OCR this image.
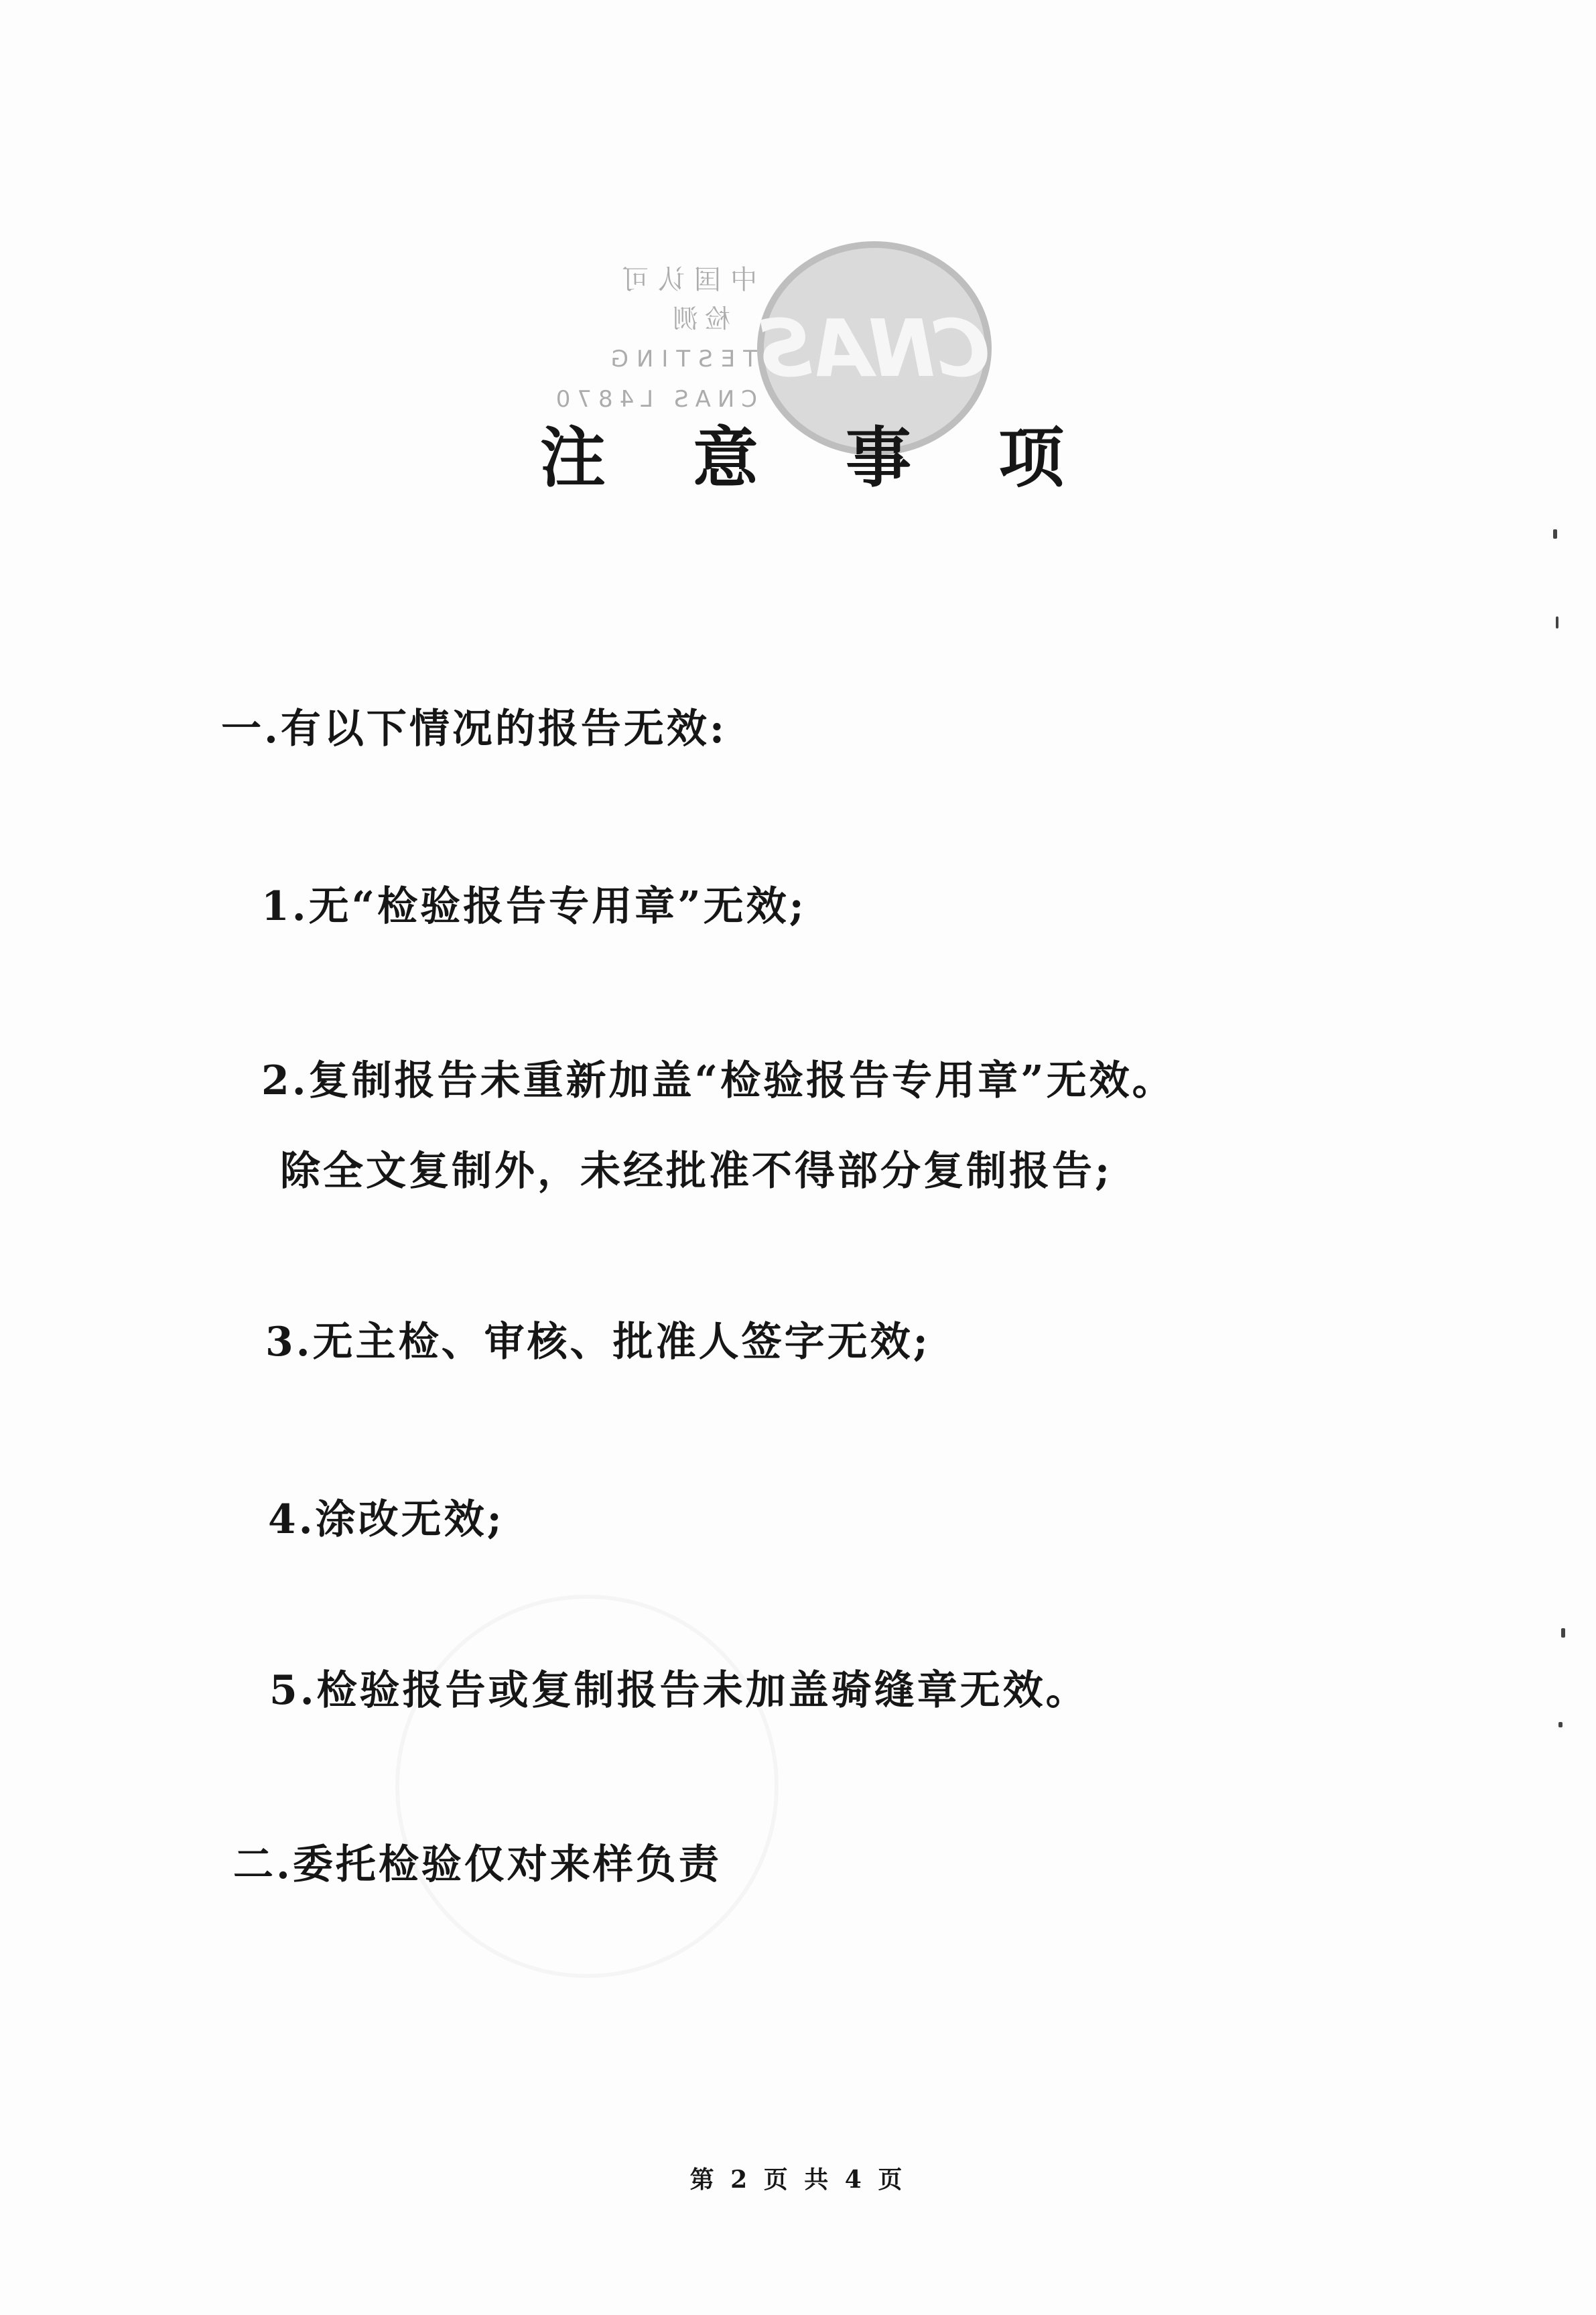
CNAS
中国认可
检测
TESTING
CNAS L4870
注 意 事 项
一.有以下情况的报告无效:
1.无“检验报告专用章”无效;
2.复制报告未重新加盖“检验报告专用章”无效。
除全文复制外，未经批准不得部分复制报告;
3.无主检、审核、批准人签字无效;
4.涂改无效;
5.检验报告或复制报告未加盖骑缝章无效。
二.委托检验仅对来样负责
第 2 页 共 4 页
